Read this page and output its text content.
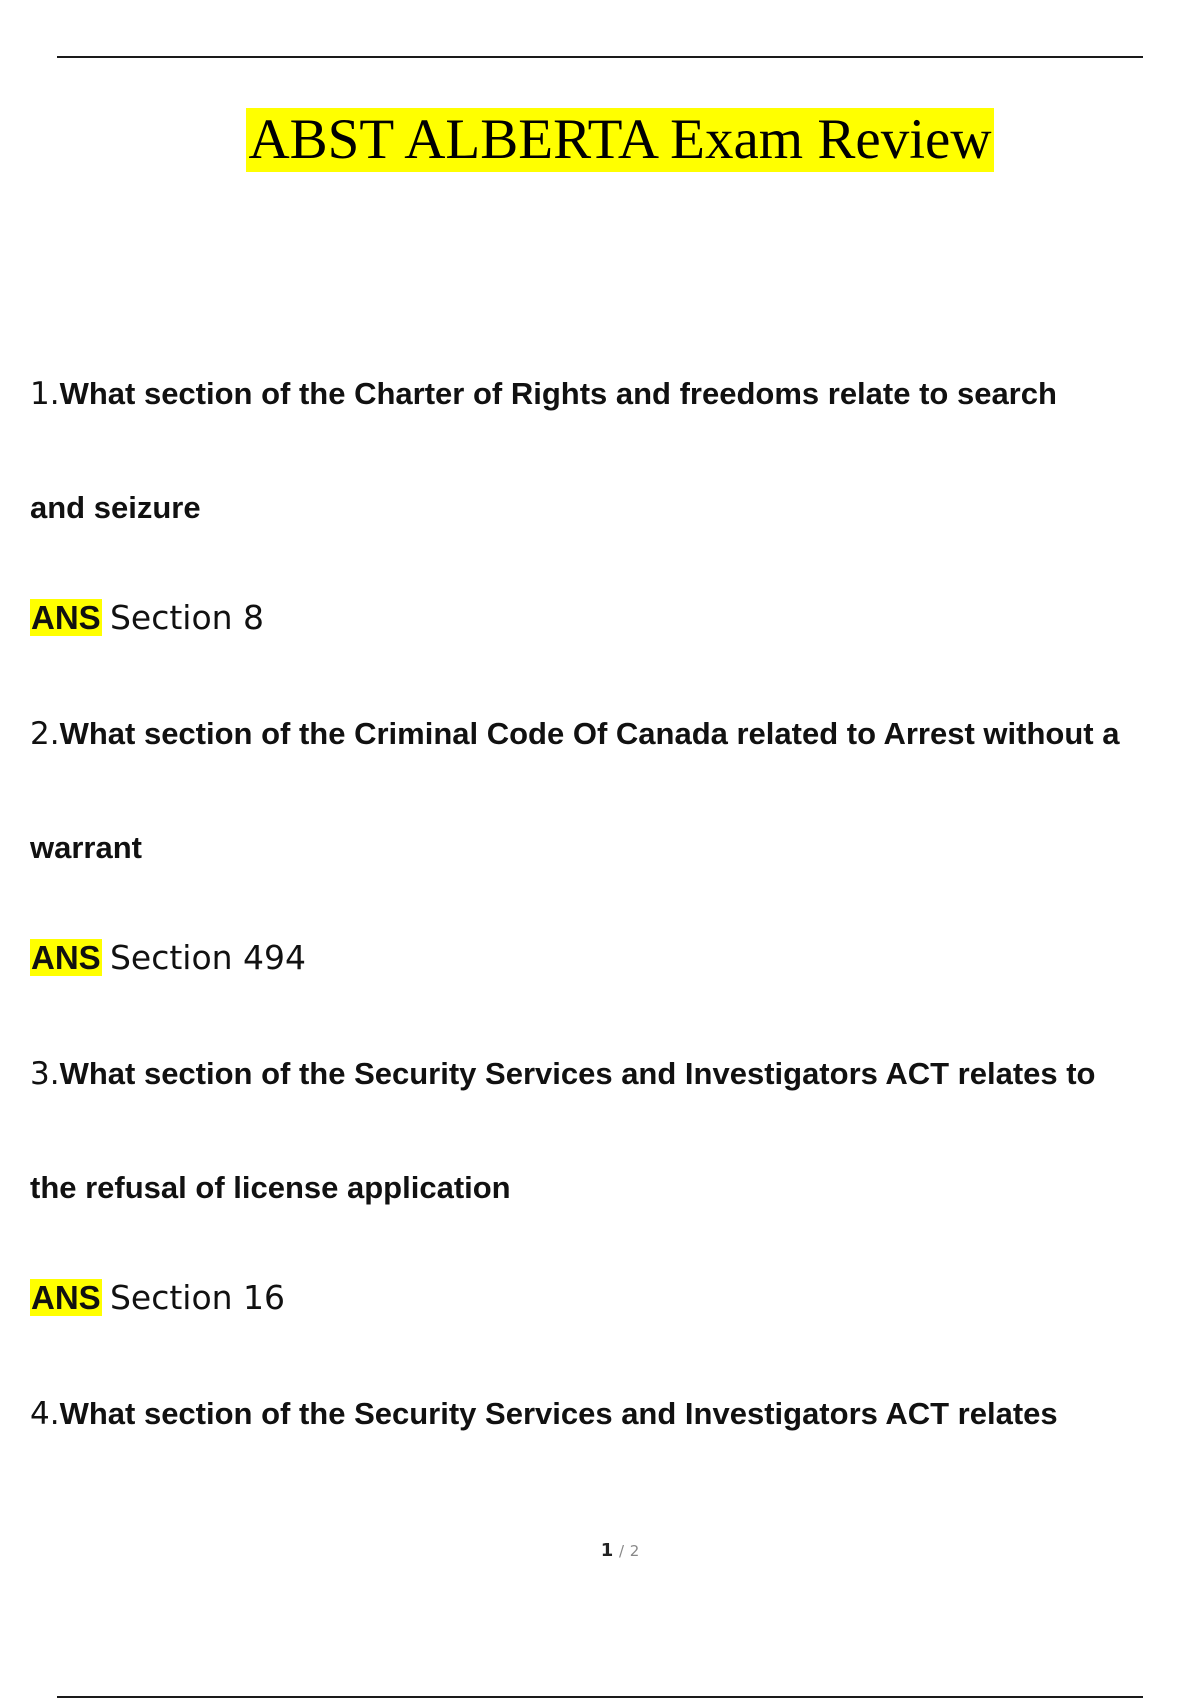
ABST ALBERTA Exam Review
1.What section of the Charter of Rights and freedoms relate to search
and seizure
ANS Section 8
2.What section of the Criminal Code Of Canada related to Arrest without a
warrant
ANS Section 494
3.What section of the Security Services and Investigators ACT relates to
the refusal of license application
ANS Section 16
4.What section of the Security Services and Investigators ACT relates
1 / 2
